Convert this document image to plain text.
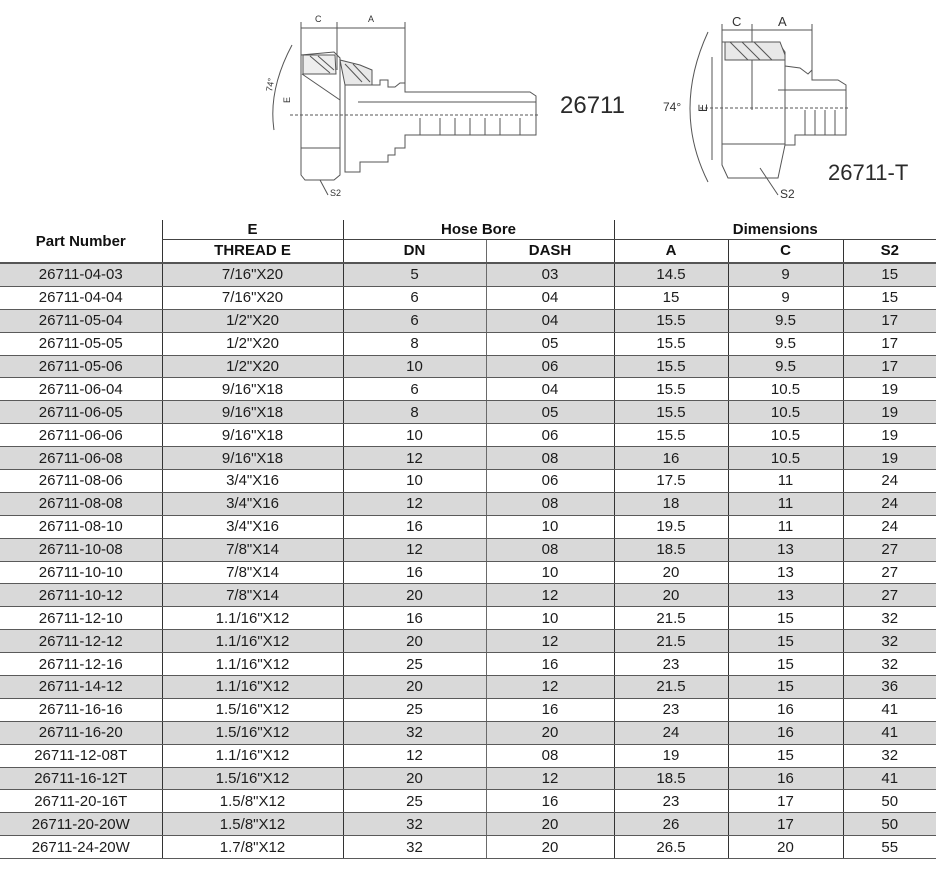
C	A
74°
E
S2
C	A
74° E
S2
26711
26711-T
Part Number	E	Hose Bore		Dimensions		
	THREAD E	DN	DASH	A	C	S2
26711-04-03	7/16"X20	5	03	14.5	9	15
26711-04-04	7/16"X20	6	04	15	9	15
26711-05-04	1/2"X20	6	04	15.5	9.5	17
26711-05-05	1/2"X20	8	05	15.5	9.5	17
26711-05-06	1/2"X20	10	06	15.5	9.5	17
26711-06-04	9/16"X18	6	04	15.5	10.5	19
26711-06-05	9/16"X18	8	05	15.5	10.5	19
26711-06-06	9/16"X18	10	06	15.5	10.5	19
26711-06-08	9/16"X18	12	08	16	10.5	19
26711-08-06	3/4"X16	10	06	17.5	11	24
26711-08-08	3/4"X16	12	08	18	11	24
26711-08-10	3/4"X16	16	10	19.5	11	24
26711-10-08	7/8"X14	12	08	18.5	13	27
26711-10-10	7/8"X14	16	10	20	13	27
26711-10-12	7/8"X14	20	12	20	13	27
26711-12-10	1.1/16"X12	16	10	21.5	15	32
26711-12-12	1.1/16"X12	20	12	21.5	15	32
26711-12-16	1.1/16"X12	25	16	23	15	32
26711-14-12	1.1/16"X12	20	12	21.5	15	36
26711-16-16	1.5/16"X12	25	16	23	16	41
26711-16-20	1.5/16"X12	32	20	24	16	41
26711-12-08T	1.1/16"X12	12	08	19	15	32
26711-16-12T	1.5/16"X12	20	12	18.5	16	41
26711-20-16T	1.5/8"X12	25	16	23	17	50
26711-20-20W	1.5/8"X12	32	20	26	17	50
26711-24-20W	1.7/8"X12	32	20	26.5	20	55
